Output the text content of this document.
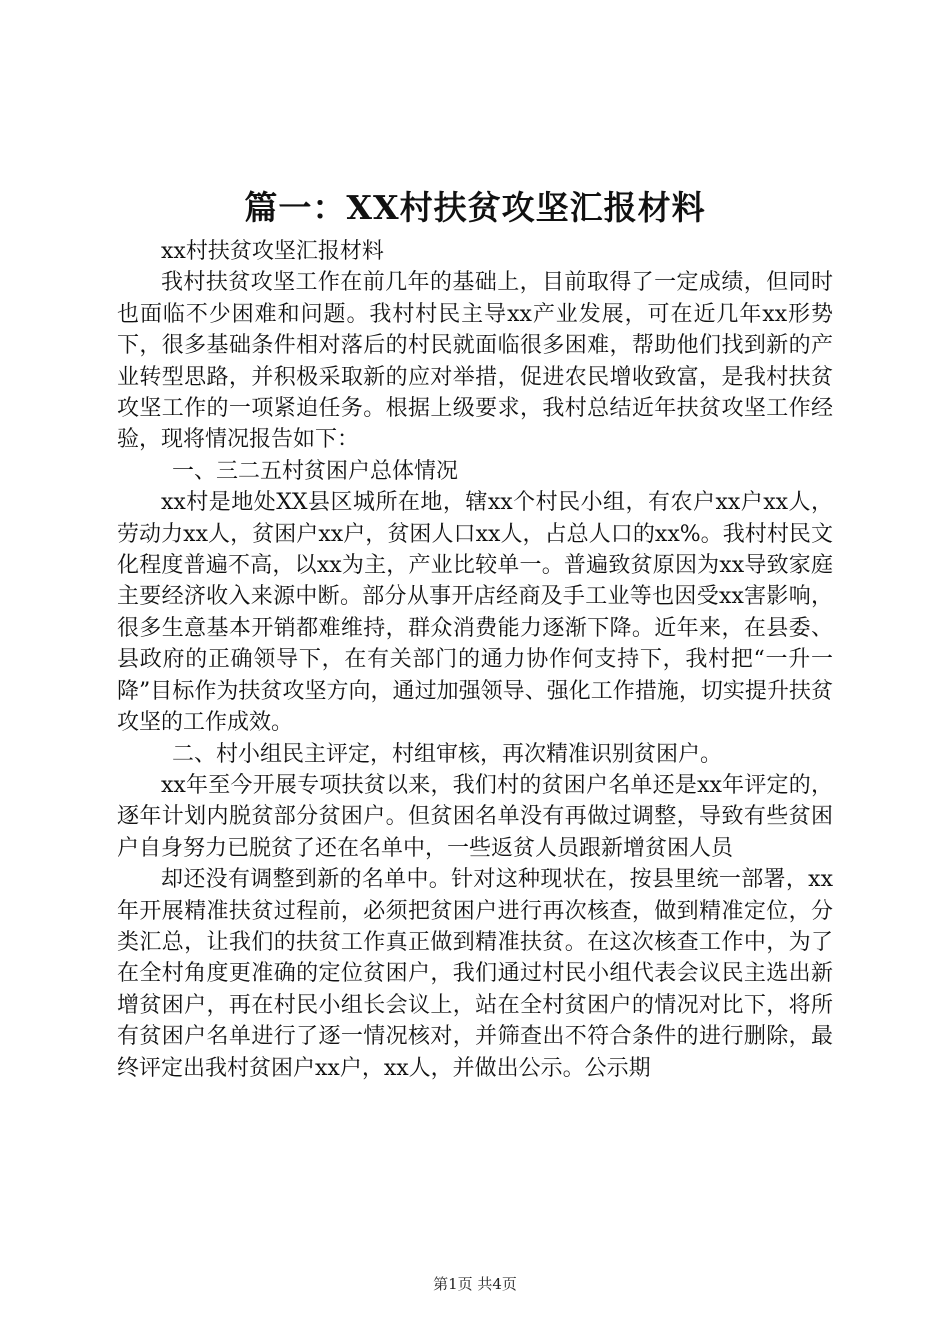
篇一：XX村扶贫攻坚汇报材料

xx村扶贫攻坚汇报材料

我村扶贫攻坚工作在前几年的基础上，目前取得了一定成绩，但同时也面临不少困难和问题。我村村民主导xx产业发展，可在近几年xx形势下，很多基础条件相对落后的村民就面临很多困难，帮助他们找到新的产业转型思路，并积极采取新的应对举措，促进农民增收致富，是我村扶贫攻坚工作的一项紧迫任务。根据上级要求，我村总结近年扶贫攻坚工作经验，现将情况报告如下：

一、三二五村贫困户总体情况

xx村是地处XX县区城所在地，辖xx个村民小组，有农户xx户xx人，劳动力xx人，贫困户xx户，贫困人口xx人，占总人口的xx%。我村村民文化程度普遍不高，以xx为主，产业比较单一。普遍致贫原因为xx导致家庭主要经济收入来源中断。部分从事开店经商及手工业等也因受xx害影响，很多生意基本开销都难维持，群众消费能力逐渐下降。近年来，在县委、县政府的正确领导下，在有关部门的通力协作何支持下，我村把“一升一降”目标作为扶贫攻坚方向，通过加强领导、强化工作措施，切实提升扶贫攻坚的工作成效。

二、村小组民主评定，村组审核，再次精准识别贫困户。

xx年至今开展专项扶贫以来，我们村的贫困户名单还是xx年评定的，逐年计划内脱贫部分贫困户。但贫困名单没有再做过调整，导致有些贫困户自身努力已脱贫了还在名单中，一些返贫人员跟新增贫困人员

却还没有调整到新的名单中。针对这种现状在，按县里统一部署，xx年开展精准扶贫过程前，必须把贫困户进行再次核查，做到精准定位，分类汇总，让我们的扶贫工作真正做到精准扶贫。在这次核查工作中，为了在全村角度更准确的定位贫困户，我们通过村民小组代表会议民主选出新增贫困户，再在村民小组长会议上，站在全村贫困户的情况对比下，将所有贫困户名单进行了逐一情况核对，并筛查出不符合条件的进行删除，最终评定出我村贫困户xx户，xx人，并做出公示。公示期

第1页 共4页
